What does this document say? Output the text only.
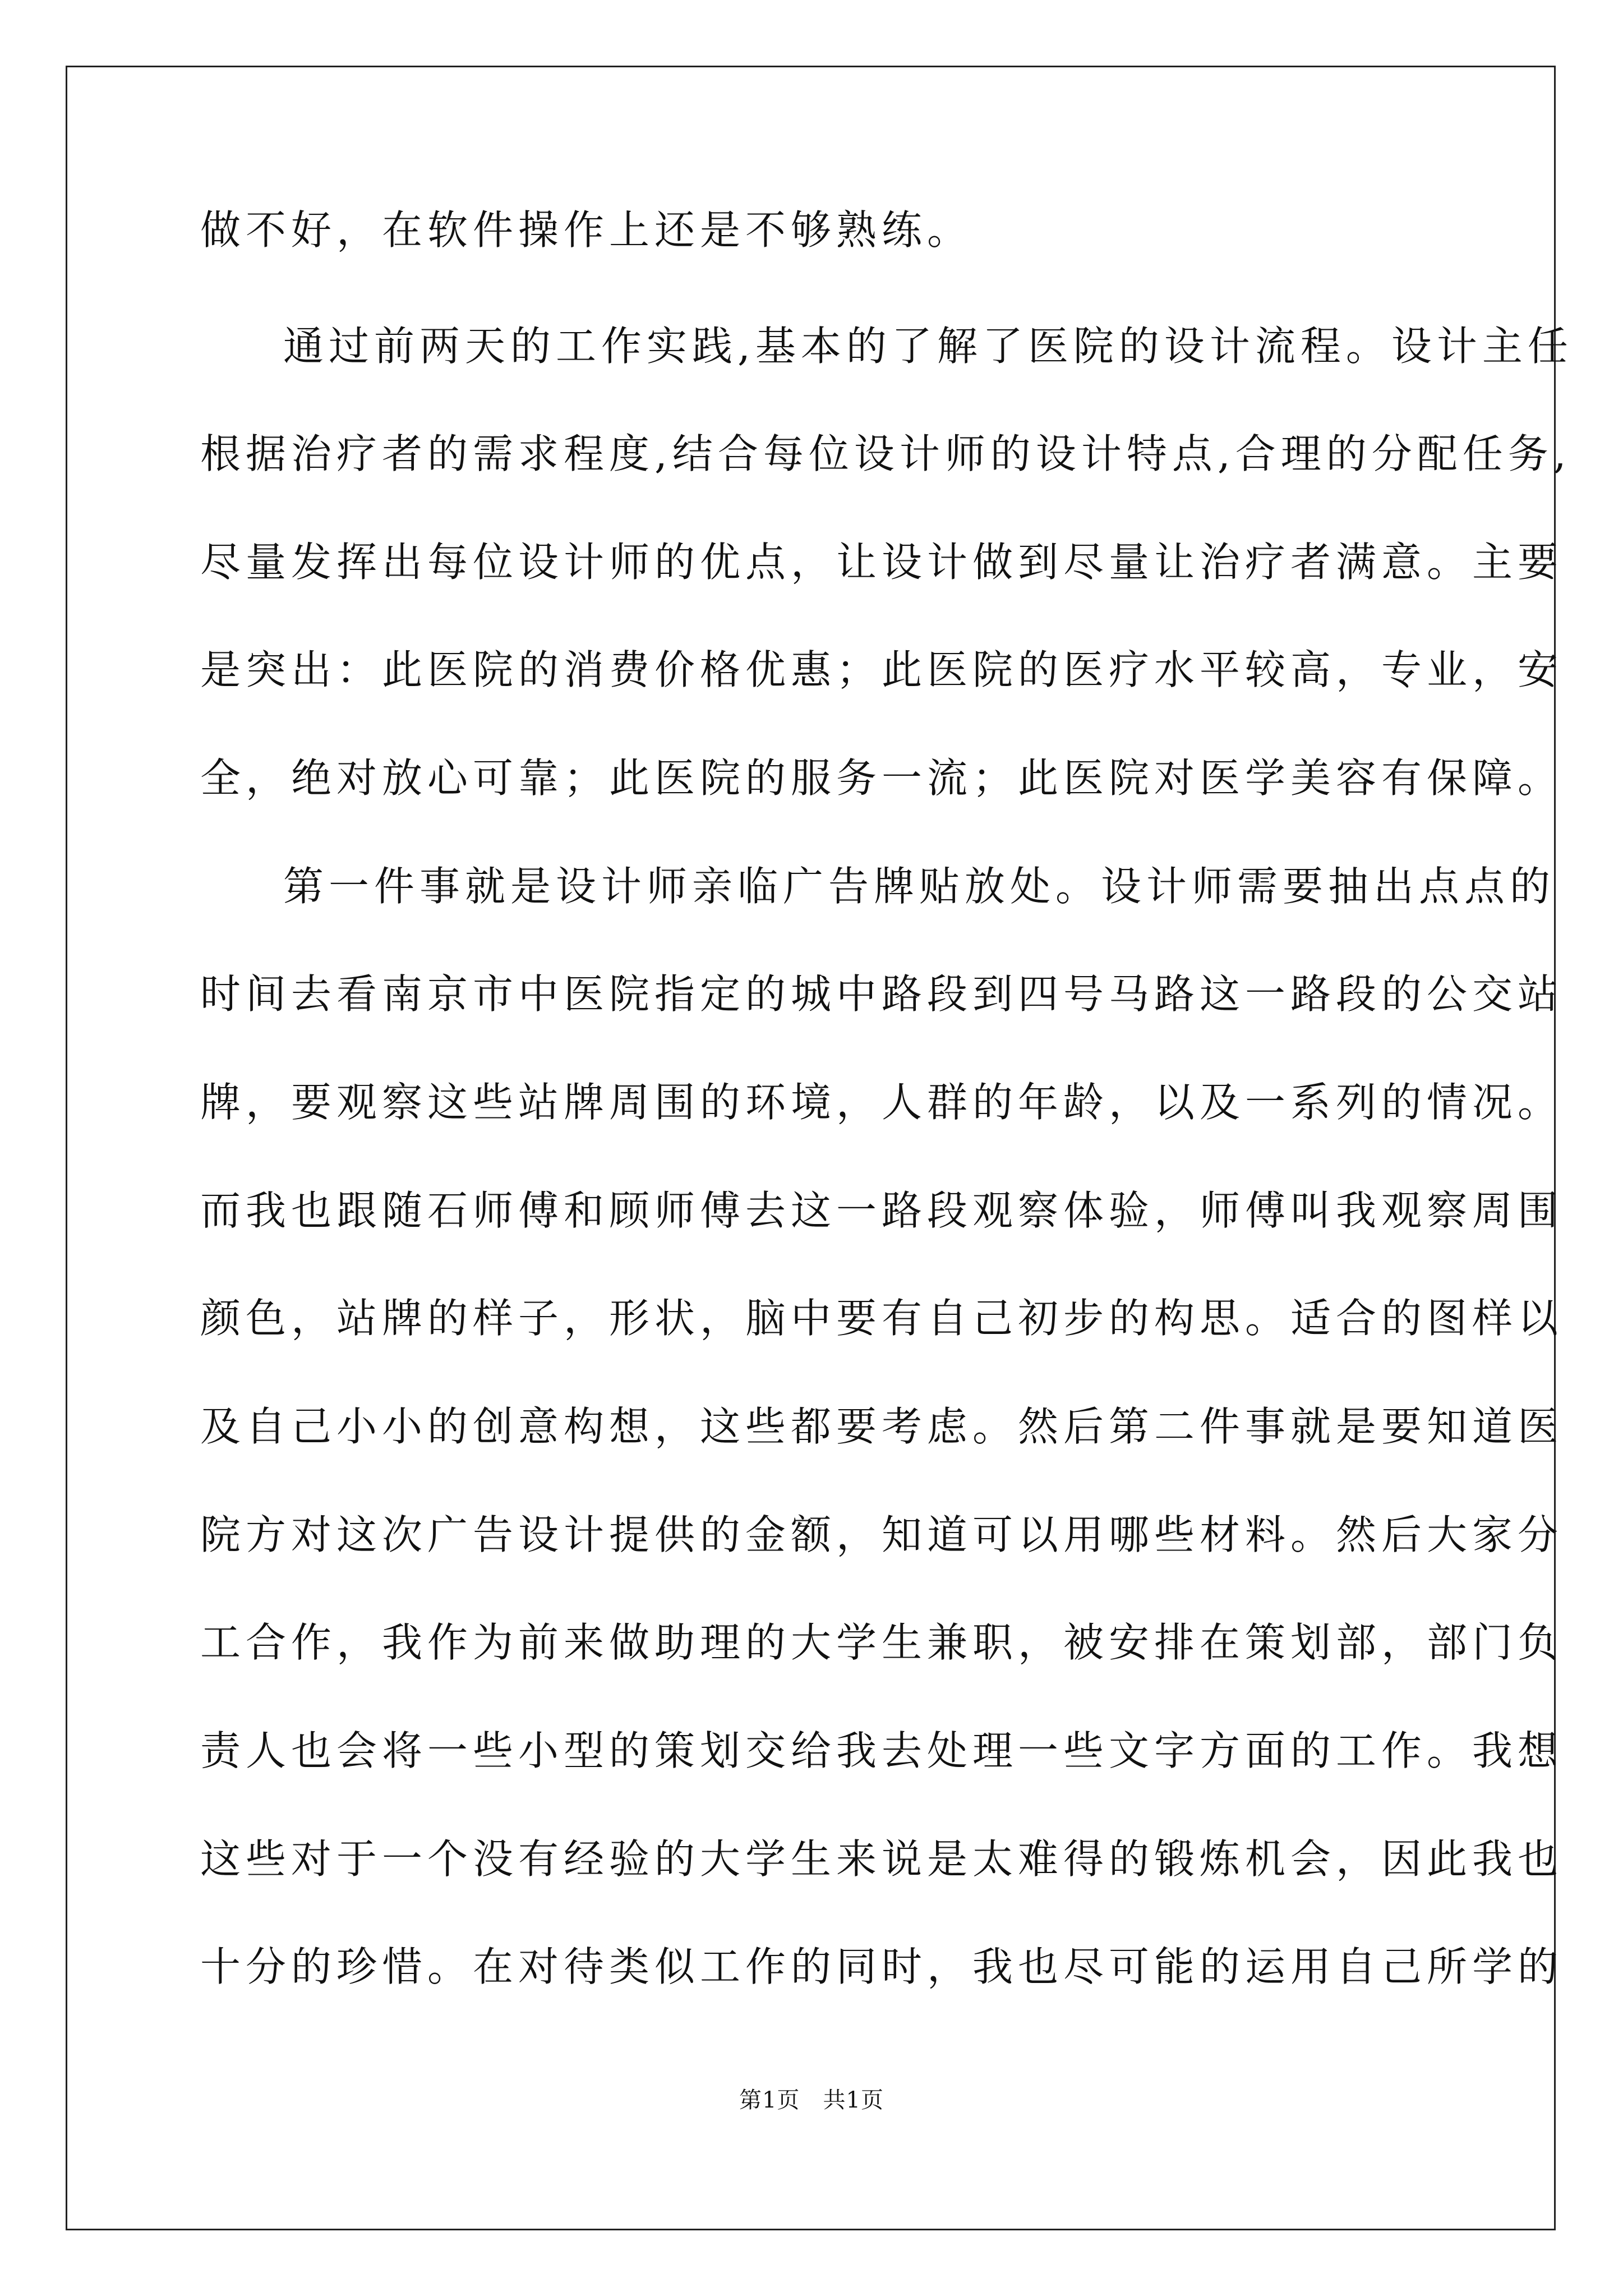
做不好，在软件操作上还是不够熟练。
通过前两天的工作实践,基本的了解了医院的设计流程。设计主任
根据治疗者的需求程度,结合每位设计师的设计特点,合理的分配任务,
尽量发挥出每位设计师的优点，让设计做到尽量让治疗者满意。主要
是突出：此医院的消费价格优惠；此医院的医疗水平较高，专业，安
全，绝对放心可靠；此医院的服务一流；此医院对医学美容有保障。
第一件事就是设计师亲临广告牌贴放处。设计师需要抽出点点的
时间去看南京市中医院指定的城中路段到四号马路这一路段的公交站
牌，要观察这些站牌周围的环境，人群的年龄，以及一系列的情况。
而我也跟随石师傅和顾师傅去这一路段观察体验，师傅叫我观察周围
颜色，站牌的样子，形状，脑中要有自己初步的构思。适合的图样以
及自己小小的创意构想，这些都要考虑。然后第二件事就是要知道医
院方对这次广告设计提供的金额，知道可以用哪些材料。然后大家分
工合作，我作为前来做助理的大学生兼职，被安排在策划部，部门负
责人也会将一些小型的策划交给我去处理一些文字方面的工作。我想
这些对于一个没有经验的大学生来说是太难得的锻炼机会，因此我也
十分的珍惜。在对待类似工作的同时，我也尽可能的运用自己所学的
第1页   共1页
